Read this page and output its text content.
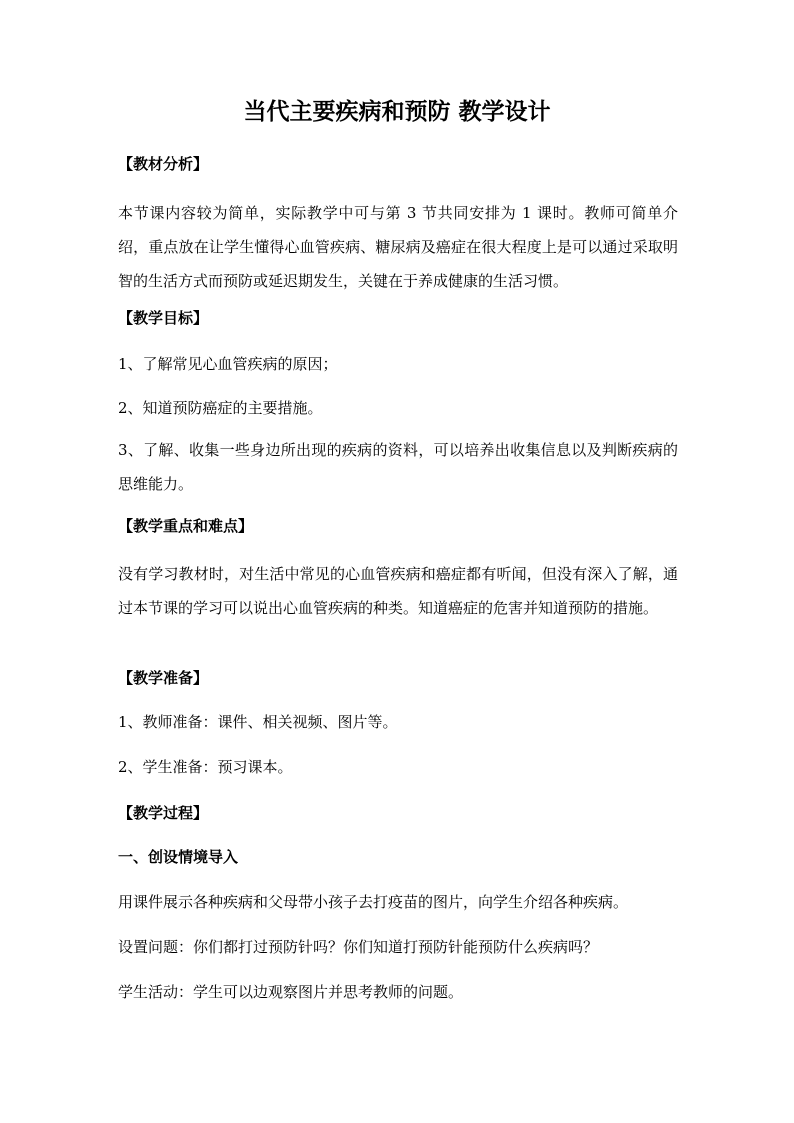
当代主要疾病和预防 教学设计
【教材分析】
本节课内容较为简单，实际教学中可与第 3 节共同安排为 1 课时。教师可简单介绍，重点放在让学生懂得心血管疾病、糖尿病及癌症在很大程度上是可以通过采取明智的生活方式而预防或延迟期发生，关键在于养成健康的生活习惯。
【教学目标】
1、了解常见心血管疾病的原因；
2、知道预防癌症的主要措施。
3、了解、收集一些身边所出现的疾病的资料，可以培养出收集信息以及判断疾病的思维能力。
【教学重点和难点】
没有学习教材时，对生活中常见的心血管疾病和癌症都有听闻，但没有深入了解，通过本节课的学习可以说出心血管疾病的种类。知道癌症的危害并知道预防的措施。
【教学准备】
1、教师准备：课件、相关视频、图片等。
2、学生准备：预习课本。
【教学过程】
一、创设情境导入
用课件展示各种疾病和父母带小孩子去打疫苗的图片，向学生介绍各种疾病。
设置问题：你们都打过预防针吗？你们知道打预防针能预防什么疾病吗？
学生活动：学生可以边观察图片并思考教师的问题。
